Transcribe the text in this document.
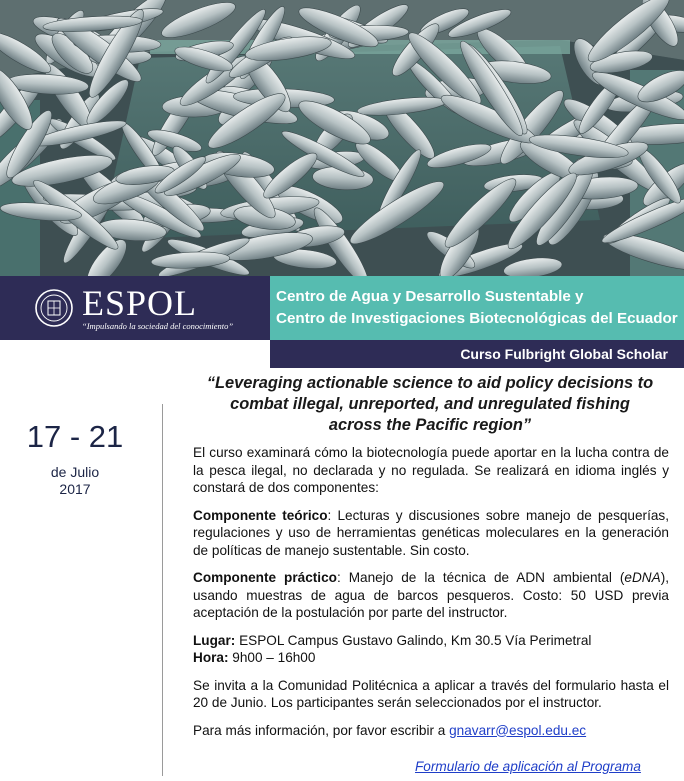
ESPOL
“Impulsando la sociedad del conocimiento”
Centro de Agua y Desarrollo Sustentable y
Centro de Investigaciones Biotecnológicas del Ecuador
Curso Fulbright Global Scholar
“Leveraging actionable science to aid policy decisions to
combat illegal, unreported, and unregulated fishing
across the Pacific region”
17 - 21
de Julio
2017

El curso examinará cómo la biotecnología puede aportar en la lucha contra de la pesca ilegal, no declarada y no regulada. Se realizará en idioma inglés y constará de dos componentes:

Componente teórico: Lecturas y discusiones sobre manejo de pesquerías, regulaciones y uso de herramientas genéticas moleculares en la generación de políticas de manejo sustentable. Sin costo.

Componente práctico: Manejo de la técnica de ADN ambiental (eDNA), usando muestras de agua de barcos pesqueros. Costo: 50 USD previa aceptación de la postulación por parte del instructor.

Lugar: ESPOL Campus Gustavo Galindo, Km 30.5 Vía Perimetral
Hora: 9h00 – 16h00

Se invita a la Comunidad Politécnica a aplicar a través del formulario hasta el 20 de Junio. Los participantes serán seleccionados por el instructor.

Para más información, por favor escribir a gnavarr@espol.edu.ec

Formulario de aplicación al Programa
